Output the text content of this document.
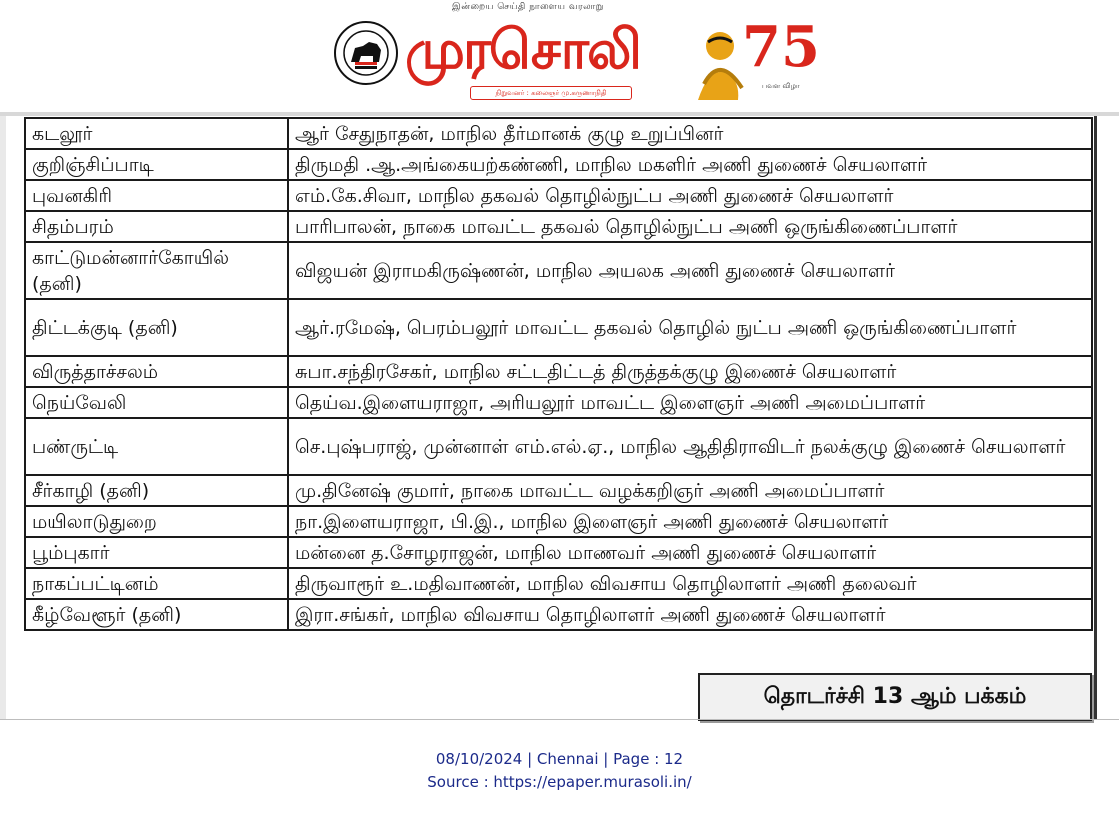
இன்றைய செய்தி நாளைய வரலாறு
முரசொலி
நிறுவனர் : கலைஞர் மு.கருணாநிதி
75
பவள விழா
கடலூர்	ஆர் சேதுநாதன், மாநில தீர்மானக் குழு உறுப்பினர்
குறிஞ்சிப்பாடி	திருமதி .ஆ.அங்கையற்கண்ணி, மாநில மகளிர் அணி துணைச் செயலாளர்
புவனகிரி	எம்.கே.சிவா, மாநில தகவல் தொழில்நுட்ப அணி துணைச் செயலாளர்
சிதம்பரம்	பாரிபாலன், நாகை மாவட்ட தகவல் தொழில்நுட்ப அணி ஒருங்கிணைப்பாளர்
காட்டுமன்னார்கோயில் (தனி)	விஜயன் இராமகிருஷ்ணன், மாநில அயலக அணி துணைச் செயலாளர்
திட்டக்குடி (தனி)	ஆர்.ரமேஷ், பெரம்பலூர் மாவட்ட தகவல் தொழில் நுட்ப அணி ஒருங்கிணைப்பாளர்
விருத்தாச்சலம்	சுபா.சந்திரசேகர், மாநில சட்டதிட்டத் திருத்தக்குழு இணைச் செயலாளர்
நெய்வேலி	தெய்வ.இளையராஜா, அரியலூர் மாவட்ட இளைஞர் அணி அமைப்பாளர்
பண்ருட்டி	செ.புஷ்பராஜ், முன்னாள் எம்.எல்.ஏ., மாநில ஆதிதிராவிடர் நலக்குழு இணைச் செயலாளர்
சீர்காழி (தனி)	மு.தினேஷ் குமார், நாகை மாவட்ட வழக்கறிஞர் அணி அமைப்பாளர்
மயிலாடுதுறை	நா.இளையராஜா, பி.இ., மாநில இளைஞர் அணி துணைச் செயலாளர்
பூம்புகார்	மன்னை த.சோழராஜன், மாநில மாணவர் அணி துணைச் செயலாளர்
நாகப்பட்டினம்	திருவாரூர் உ.மதிவாணன், மாநில விவசாய தொழிலாளர் அணி தலைவர்
கீழ்வேளூர் (தனி)	இரா.சங்கர், மாநில விவசாய தொழிலாளர் அணி துணைச் செயலாளர்
தொடர்ச்சி 13 ஆம் பக்கம்
08/10/2024 | Chennai | Page : 12
Source : https://epaper.murasoli.in/
